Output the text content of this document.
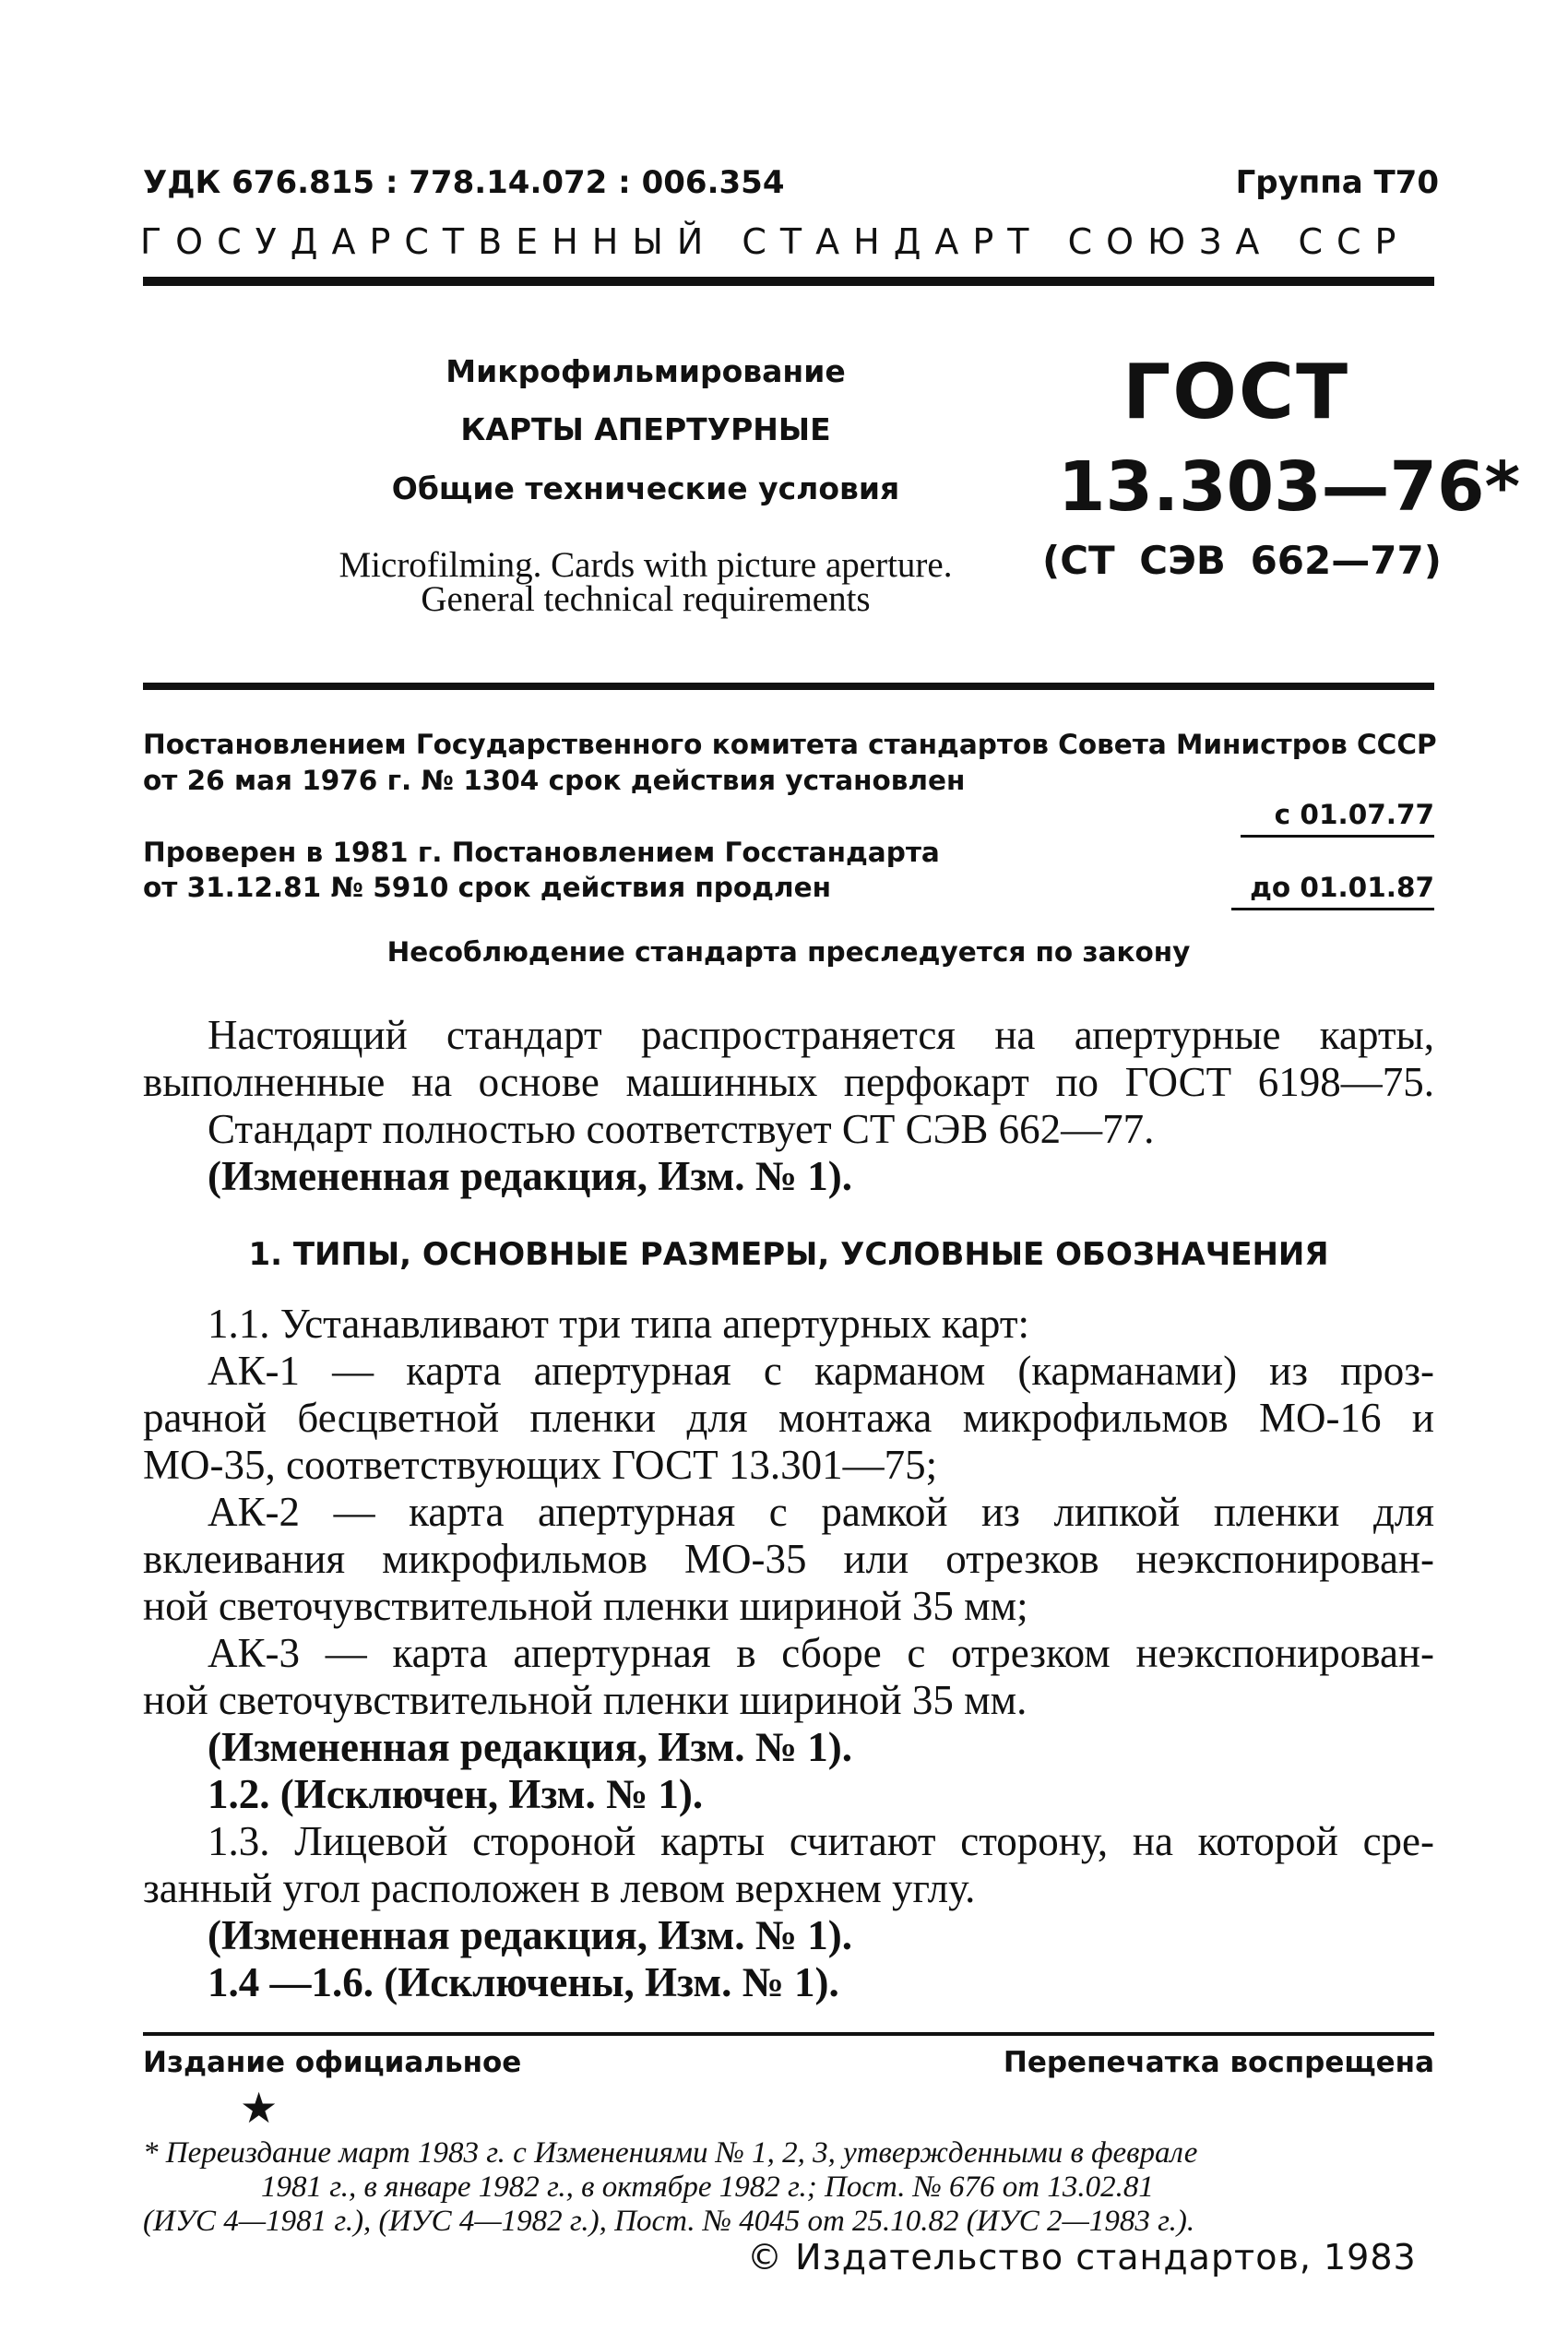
УДК 676.815 : 778.14.072 : 006.354	Группа Т70
ГОСУДАРСТВЕННЫЙ СТАНДАРТ СОЮЗА ССР
Микрофильмирование
КАРТЫ АПЕРТУРНЫЕ
Общие технические условия
Microfilming. Cards with picture aperture.
General technical requirements
ГОСТ
13.303—76*
(СТ СЭВ 662—77)
Постановлением Государственного комитета стандартов Совета Министров СССР
от 26 мая 1976 г. № 1304 срок действия установлен
с 01.07.77
Проверен в 1981 г. Постановлением Госстандарта
от 31.12.81 № 5910 срок действия продлен	до 01.01.87
Несоблюдение стандарта преследуется по закону
Настоящий стандарт распространяется на апертурные карты,
выполненные на основе машинных перфокарт по ГОСТ 6198—75.
Стандарт полностью соответствует СТ СЭВ 662—77.
(Измененная редакция, Изм. № 1).
1. ТИПЫ, ОСНОВНЫЕ РАЗМЕРЫ, УСЛОВНЫЕ ОБОЗНАЧЕНИЯ
1.1. Устанавливают три типа апертурных карт:
АК-1 — карта апертурная с карманом (карманами) из проз-
рачной бесцветной пленки для монтажа микрофильмов МО-16 и
МО-35, соответствующих ГОСТ 13.301—75;
АК-2 — карта апертурная с рамкой из липкой пленки для
вклеивания микрофильмов МО-35 или отрезков неэкспонирован-
ной светочувствительной пленки шириной 35 мм;
АК-3 — карта апертурная в сборе с отрезком неэкспонирован-
ной светочувствительной пленки шириной 35 мм.
(Измененная редакция, Изм. № 1).
1.2. (Исключен, Изм. № 1).
1.3. Лицевой стороной карты считают сторону, на которой сре-
занный угол расположен в левом верхнем углу.
(Измененная редакция, Изм. № 1).
1.4 —1.6. (Исключены, Изм. № 1).
Издание официальное	Перепечатка воспрещена
★
* Переиздание март 1983 г. с Изменениями № 1, 2, 3, утвержденными в феврале
1981 г., в январе 1982 г., в октябре 1982 г.; Пост. № 676 от 13.02.81
(ИУС 4—1981 г.), (ИУС 4—1982 г.), Пост. № 4045 от 25.10.82 (ИУС 2—1983 г.).
© Издательство стандартов, 1983
